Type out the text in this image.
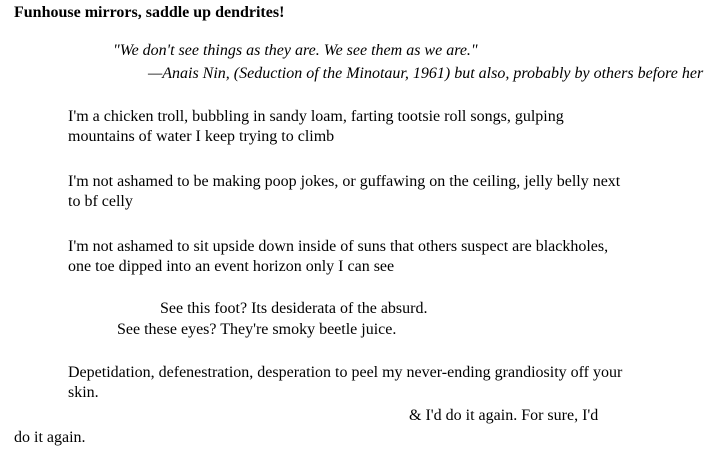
Funhouse mirrors, saddle up dendrites!
"We don't see things as they are. We see them as we are."
—Anais Nin, (Seduction of the Minotaur, 1961) but also, probably by others before her
I'm a chicken troll, bubbling in sandy loam, farting tootsie roll songs, gulping mountains of water I keep trying to climb
I'm not ashamed to be making poop jokes, or guffawing on the ceiling, jelly belly next to bf celly
I'm not ashamed to sit upside down inside of suns that others suspect are blackholes, one toe dipped into an event horizon only I can see
See this foot? Its desiderata of the absurd.
See these eyes? They're smoky beetle juice.
Depetidation, defenestration, desperation to peel my never-ending grandiosity off your skin.
& I'd do it again. For sure, I'd
do it again.
